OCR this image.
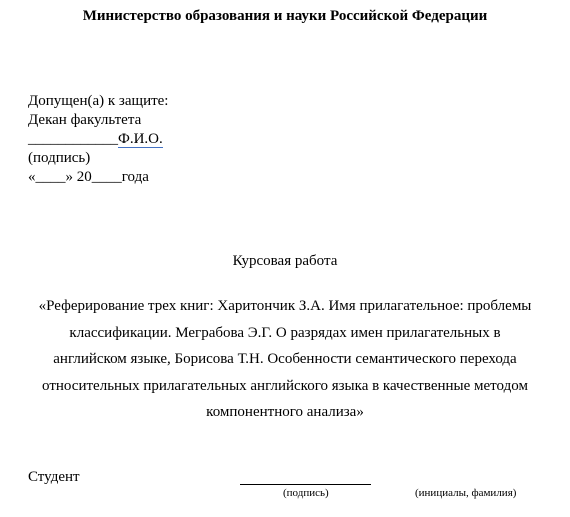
Министерство образования и науки Российской Федерации
Допущен(а) к защите:
Декан факультета
____________Ф.И.О.
(подпись)
«____» 20____года
Курсовая работа
«Реферирование трех книг: Харитончик З.А. Имя прилагательное: проблемы
классификации. Меграбова Э.Г. О разрядах имен прилагательных в
английском языке, Борисова Т.Н. Особенности семантического перехода
относительных прилагательных английского языка в качественные методом
компонентного анализа»
Студент
(подпись)	(инициалы, фамилия)
